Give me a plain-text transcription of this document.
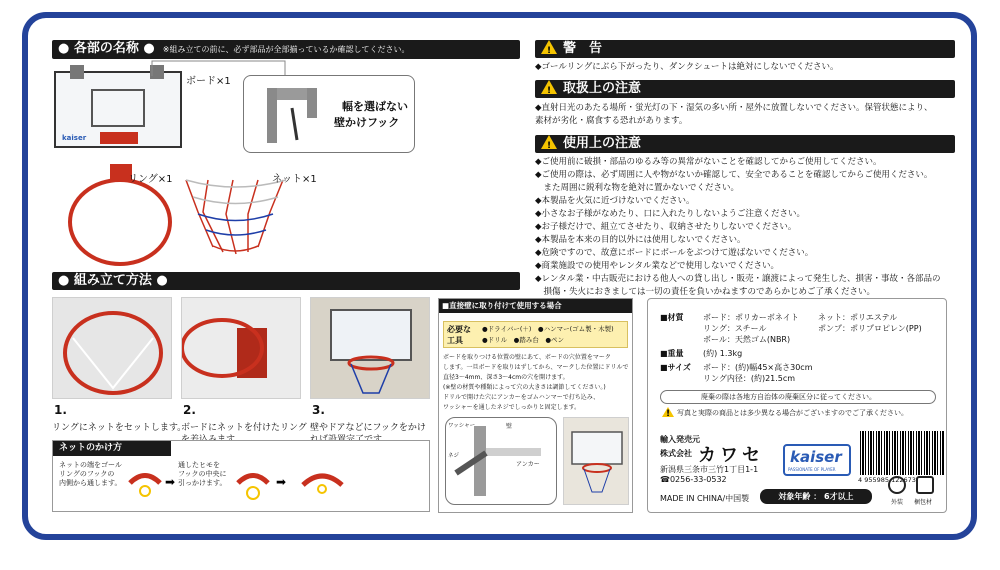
● 各部の名称 ● ※組み立ての前に、必ず部品が全部揃っているか確認してください。
kaiser
ボード×1
幅を選ばない
壁かけフック
リング×1	ネット×1
● 組み立て方法 ●
1.
リングにネットをセットします。
2.
ボードにネットを付けたリング
3.
壁やドアなどにフックをかけ
ネットのかけ方
ネットの端をゴール
リングのフックの
内側から通します。	➡
通したヒモを
フックの中央に
引っかけます。	➡
!警　告
◆ゴールリングにぶら下がったり、ダンクシュートは絶対にしないでください。
!取扱上の注意
◆直射日光のあたる場所・蛍光灯の下・湿気の多い所・屋外に放置しないでください。保管状態により、
素材が劣化・腐食する恐れがあります。
!使用上の注意
◆ご使用前に破損・部品のゆるみ等の異常がないことを確認してからご使用してください。
◆ご使用の際は、必ず周囲に人や物がないか確認して、安全であることを確認してからご使用ください。
　また周囲に鋭利な物を絶対に置かないでください。
◆本製品を火気に近づけないでください。
◆小さなお子様がなめたり、口に入れたりしないようご注意ください。
◆お子様だけで、組立てさせたり、収納させたりしないでください。
◆本製品を本来の目的以外には使用しないでください。
◆危険ですので、故意にボードにボールをぶつけて遊ばないでください。
◆商業施設での使用やレンタル業などで使用しないでください。
◆レンタル業・中古販売における他人への貸し出し・販売・譲渡によって発生した、損害・事故・各部品の
　損傷・失火におきましては一切の責任を負いかねますのであらかじめご了承ください。
■直接壁に取り付けて使用する場合
必要な
工具
●ドライバー(＋)　●ハンマー(ゴム製・木製)
●ドリル　●踏み台　●ペン
ボードを取りつける位置の壁にあて、ボードの穴位置をマーク
します。一旦ボードを取りはずしてから、マークした位置にドリルで
直径3～4mm、深さ3～4cmの穴を開けます。
(※壁の材質や種類によって穴の大きさは調節してください。)
ドリルで開けた穴にアンカーをゴムハンマーで打ち込み、
ワッシャーを通したネジでしっかりと固定します。
ワッシャー	壁
ネジ
アンカー
■材質 ボード：ポリカーボネイト
リング：スチール
ボール：天然ゴム(NBR)
ネット：ポリエステル
ポンプ：ポリプロピレン(PP)
■重量 (約) 1.3kg
■サイズ ボード：(約)幅45×高さ30cm
リング内径：(約)21.5cm
廃棄の際は各地方自治体の廃棄区分に従ってください。
!写真と実際の商品とは多少異なる場合がございますのでご了承ください。
輸入発売元
株式会社 カワセ
新潟県三条市三竹1丁目1-1
☎0256-33-0532
kaiser
PASSIONATE OF PLAYER
4 955985 122673
MADE IN CHINA/中国製	対象年齢 ： 6才以上
外装 梱包材
